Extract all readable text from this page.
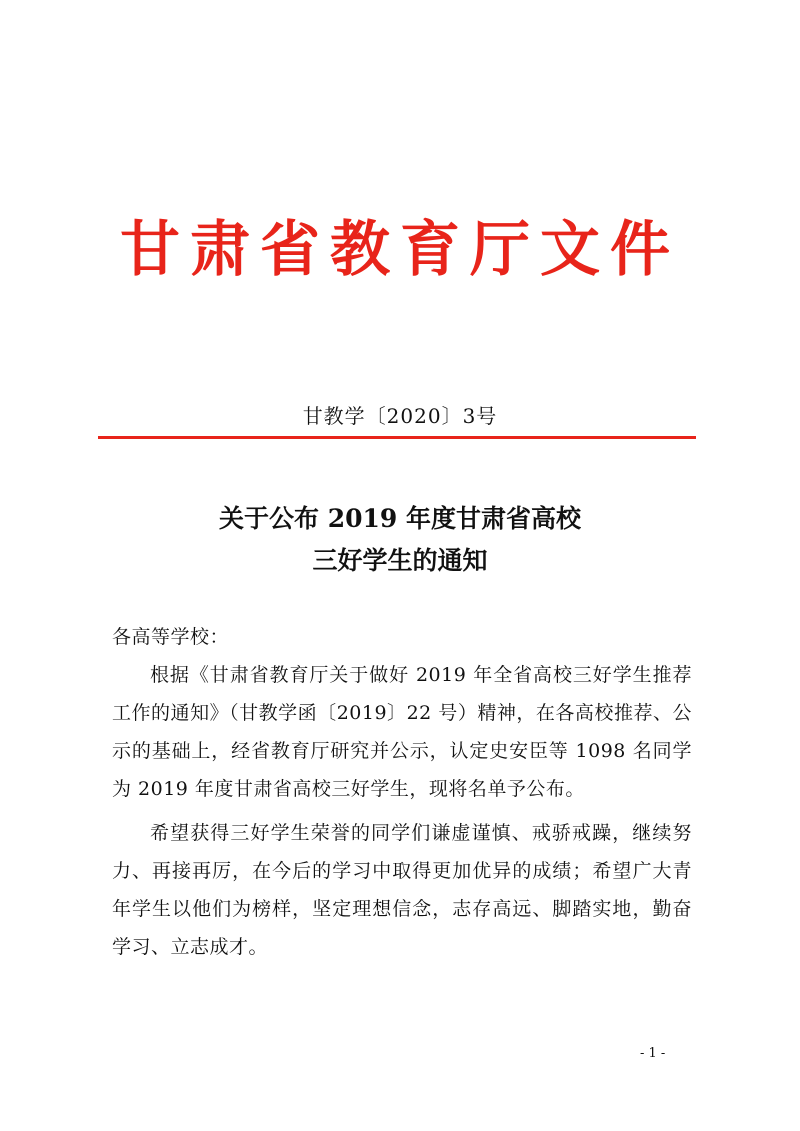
甘肃省教育厅文件
甘教学〔2020〕3号
关于公布 2019 年度甘肃省高校
三好学生的通知

各高等学校：

根据《甘肃省教育厅关于做好 2019 年全省高校三好学生推荐工作的通知》（甘教学函〔2019〕22 号）精神，在各高校推荐、公示的基础上，经省教育厅研究并公示，认定史安臣等 1098 名同学为 2019 年度甘肃省高校三好学生，现将名单予公布。

希望获得三好学生荣誉的同学们谦虚谨慎、戒骄戒躁，继续努力、再接再厉，在今后的学习中取得更加优异的成绩；希望广大青年学生以他们为榜样，坚定理想信念，志存高远、脚踏实地，勤奋学习、立志成才。

- 1 -
